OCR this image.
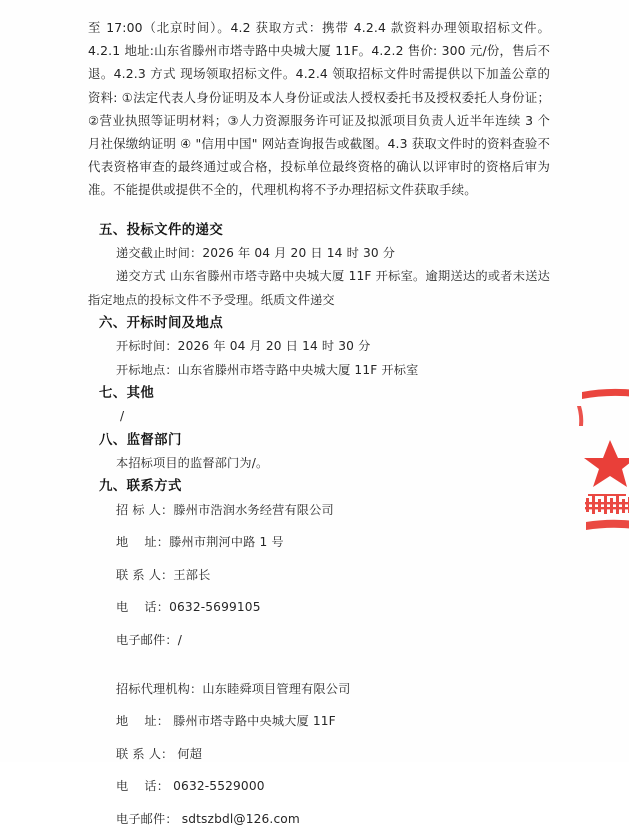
至 17:00（北京时间）。4.2 获取方式：携带 4.2.4 款资料办理领取招标文件。4.2.1 地址:山东省滕州市塔寺路中央城大厦 11F。4.2.2 售价: 300 元/份，售后不退。4.2.3 方式 现场领取招标文件。4.2.4 领取招标文件时需提供以下加盖公章的资料: ①法定代表人身份证明及本人身份证或法人授权委托书及授权委托人身份证；②营业执照等证明材料；③人力资源服务许可证及拟派项目负责人近半年连续 3 个月社保缴纳证明 ④ "信用中国" 网站查询报告或截图。4.3 获取文件时的资料查验不代表资格审查的最终通过或合格，投标单位最终资格的确认以评审时的资格后审为准。不能提供或提供不全的，代理机构将不予办理招标文件获取手续。

五、投标文件的递交

递交截止时间：2026 年 04 月 20 日 14 时 30 分

递交方式 山东省滕州市塔寺路中央城大厦 11F 开标室。逾期送达的或者未送达指定地点的投标文件不予受理。纸质文件递交

六、开标时间及地点

开标时间：2026 年 04 月 20 日 14 时 30 分

开标地点：山东省滕州市塔寺路中央城大厦 11F 开标室

七、其他

/

八、监督部门

本招标项目的监督部门为/。

九、联系方式

招 标 人：滕州市浩润水务经营有限公司

地    址：滕州市荆河中路 1 号

联 系 人：王部长

电    话：0632-5699105

电子邮件：/

招标代理机构：山东睦舜项目管理有限公司

地    址： 滕州市塔寺路中央城大厦 11F

联 系 人： 何超

电    话： 0632-5529000

电子邮件： sdtszbdl@126.com
